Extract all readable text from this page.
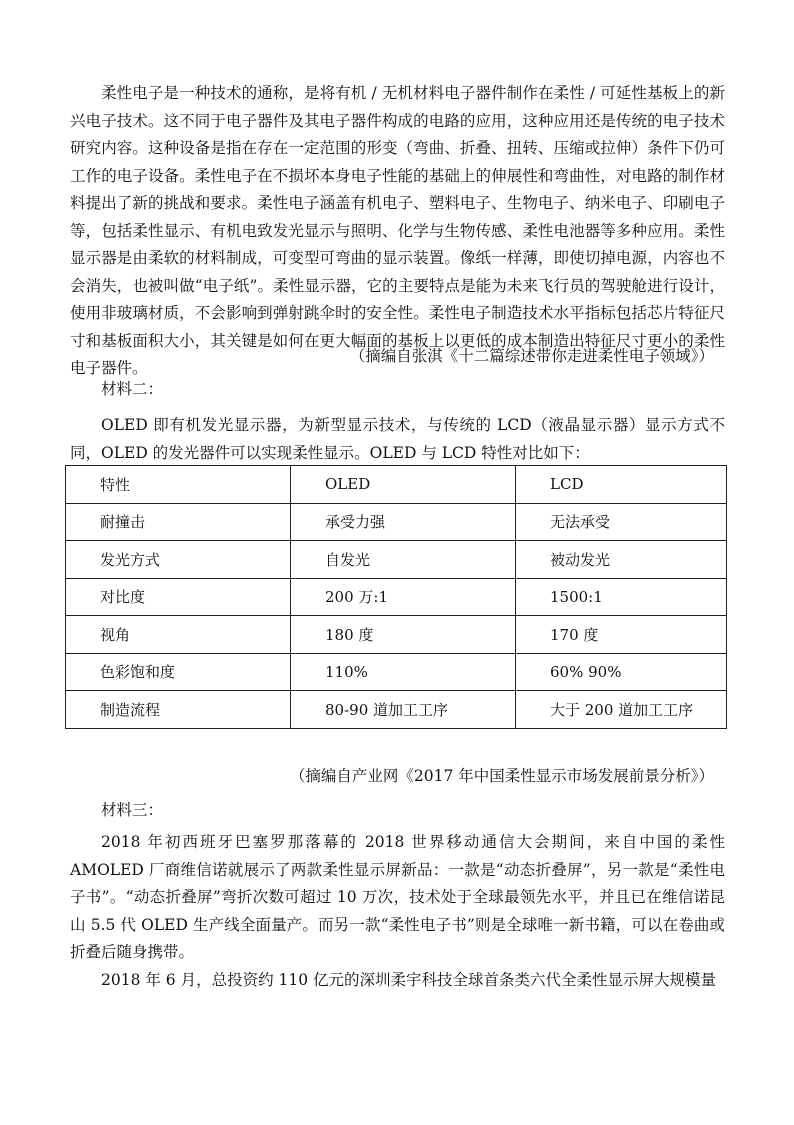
柔性电子是一种技术的通称，是将有机 / 无机材料电子器件制作在柔性 / 可延性基板上的新兴电子技术。这不同于电子器件及其电子器件构成的电路的应用，这种应用还是传统的电子技术研究内容。这种设备是指在存在一定范围的形变（弯曲、折叠、扭转、压缩或拉伸）条件下仍可工作的电子设备。柔性电子在不损坏本身电子性能的基础上的伸展性和弯曲性，对电路的制作材料提出了新的挑战和要求。柔性电子涵盖有机电子、塑料电子、生物电子、纳米电子、印刷电子等，包括柔性显示、有机电致发光显示与照明、化学与生物传感、柔性电池器等多种应用。柔性显示器是由柔软的材料制成，可变型可弯曲的显示装置。像纸一样薄，即使切掉电源，内容也不会消失，也被叫做“电子纸”。柔性显示器，它的主要特点是能为未来飞行员的驾驶舱进行设计，使用非玻璃材质，不会影响到弹射跳伞时的安全性。柔性电子制造技术水平指标包括芯片特征尺寸和基板面积大小，其关键是如何在更大幅面的基板上以更低的成本制造出特征尺寸更小的柔性电子器件。

（摘编自张淇《十二篇综述带你走进柔性电子领域》）
材料二：

OLED 即有机发光显示器，为新型显示技术，与传统的 LCD（液晶显示器）显示方式不同，OLED 的发光器件可以实现柔性显示。OLED 与 LCD 特性对比如下：

特性	OLED	LCD
耐撞击	承受力强	无法承受
发光方式	自发光	被动发光
对比度	200 万:1	1500:1
视角	180 度	170 度
色彩饱和度	110%	60% 90%
制造流程	80-90 道加工工序	大于 200 道加工工序
（摘编自产业网《2017 年中国柔性显示市场发展前景分析》）
材料三：

2018 年初西班牙巴塞罗那落幕的 2018 世界移动通信大会期间，来自中国的柔性 AMOLED 厂商维信诺就展示了两款柔性显示屏新品：一款是“动态折叠屏”，另一款是“柔性电子书”。“动态折叠屏”弯折次数可超过 10 万次，技术处于全球最领先水平，并且已在维信诺昆山 5.5 代 OLED 生产线全面量产。而另一款“柔性电子书”则是全球唯一新书籍，可以在卷曲或折叠后随身携带。

2018 年 6 月，总投资约 110 亿元的深圳柔宇科技全球首条类六代全柔性显示屏大规模量
